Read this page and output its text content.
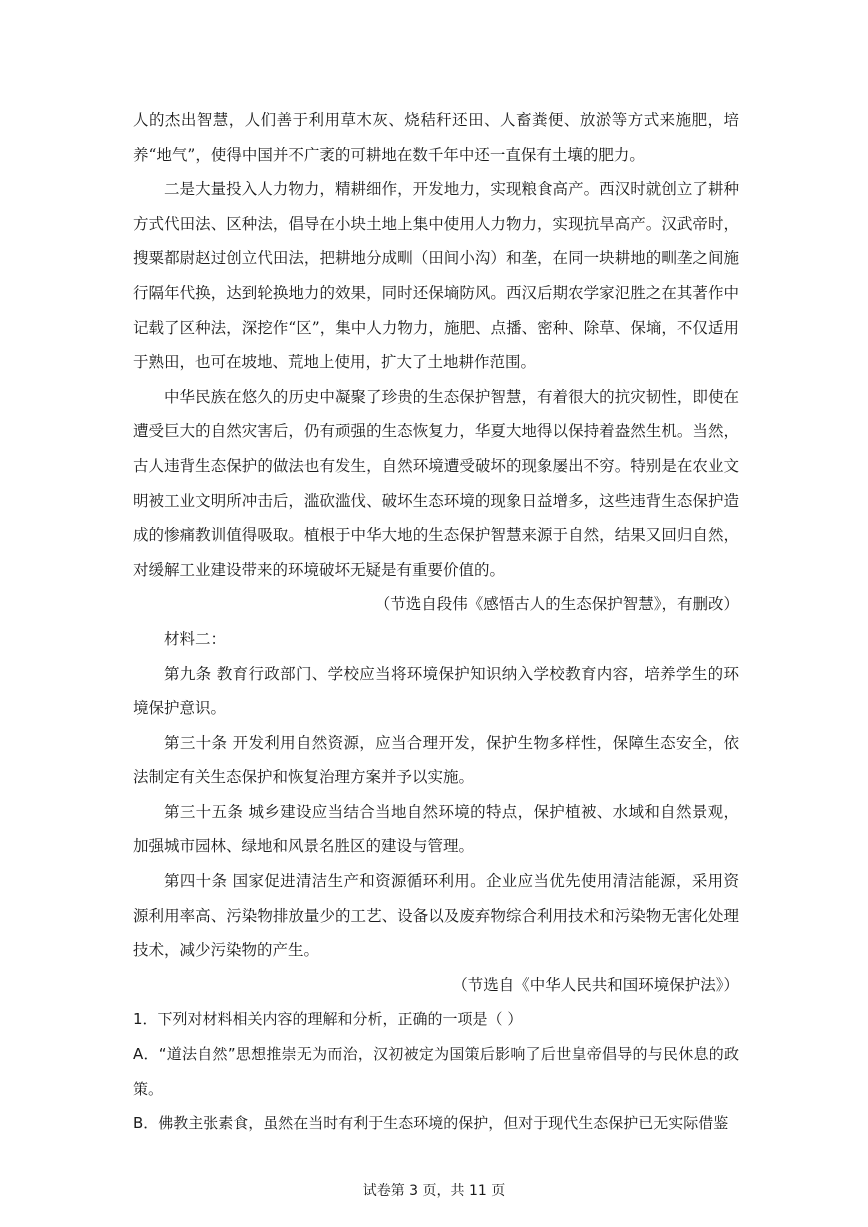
人的杰出智慧，人们善于利用草木灰、烧秸秆还田、人畜粪便、放淤等方式来施肥，培养“地气”，使得中国并不广袤的可耕地在数千年中还一直保有土壤的肥力。

二是大量投入人力物力，精耕细作，开发地力，实现粮食高产。西汉时就创立了耕种方式代田法、区种法，倡导在小块土地上集中使用人力物力，实现抗旱高产。汉武帝时，搜粟都尉赵过创立代田法，把耕地分成甽（田间小沟）和垄，在同一块耕地的甽垄之间施行隔年代换，达到轮换地力的效果，同时还保墒防风。西汉后期农学家氾胜之在其著作中记载了区种法，深挖作“区”，集中人力物力，施肥、点播、密种、除草、保墒，不仅适用于熟田，也可在坡地、荒地上使用，扩大了土地耕作范围。

中华民族在悠久的历史中凝聚了珍贵的生态保护智慧，有着很大的抗灾韧性，即使在遭受巨大的自然灾害后，仍有顽强的生态恢复力，华夏大地得以保持着盎然生机。当然，古人违背生态保护的做法也有发生，自然环境遭受破坏的现象屡出不穷。特别是在农业文明被工业文明所冲击后，滥砍滥伐、破坏生态环境的现象日益增多，这些违背生态保护造成的惨痛教训值得吸取。植根于中华大地的生态保护智慧来源于自然，结果又回归自然，对缓解工业建设带来的环境破坏无疑是有重要价值的。

（节选自段伟《感悟古人的生态保护智慧》，有删改）

材料二：

第九条 教育行政部门、学校应当将环境保护知识纳入学校教育内容，培养学生的环境保护意识。

第三十条 开发利用自然资源，应当合理开发，保护生物多样性，保障生态安全，依法制定有关生态保护和恢复治理方案并予以实施。

第三十五条 城乡建设应当结合当地自然环境的特点，保护植被、水域和自然景观，加强城市园林、绿地和风景名胜区的建设与管理。

第四十条 国家促进清洁生产和资源循环利用。企业应当优先使用清洁能源，采用资源利用率高、污染物排放量少的工艺、设备以及废弃物综合利用技术和污染物无害化处理技术，减少污染物的产生。

（节选自《中华人民共和国环境保护法》）

1．下列对材料相关内容的理解和分析，正确的一项是（ ）

A．“道法自然”思想推崇无为而治，汉初被定为国策后影响了后世皇帝倡导的与民休息的政策。

B．佛教主张素食，虽然在当时有利于生态环境的保护，但对于现代生态保护已无实际借鉴

试卷第 3 页，共 11 页
